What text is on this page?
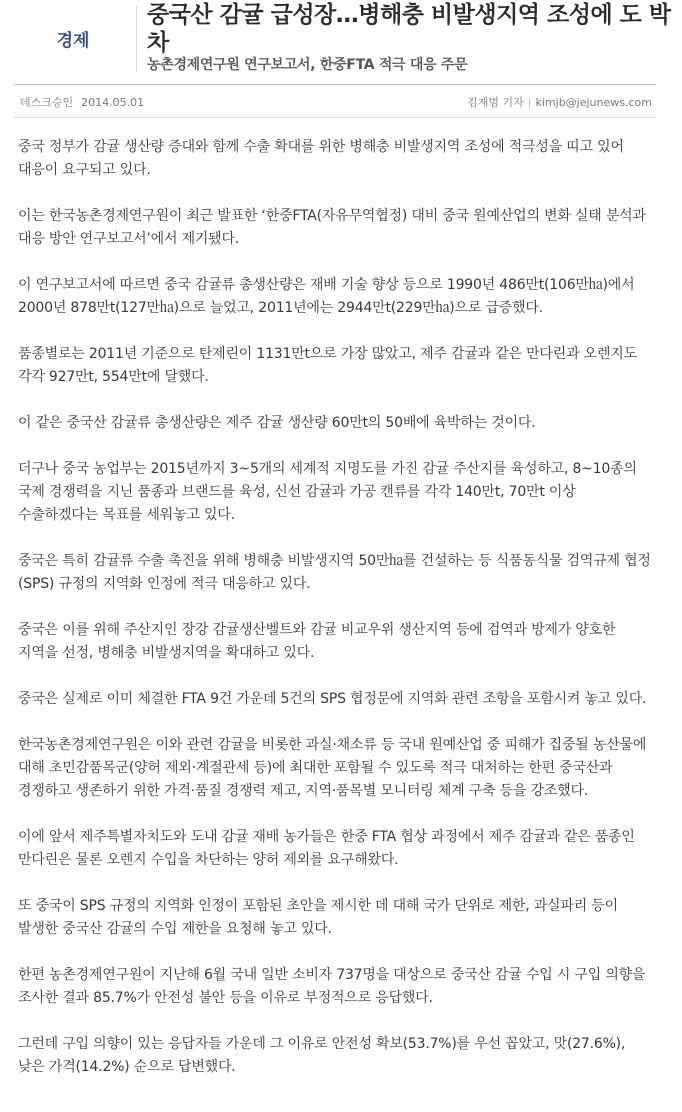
경제
중국산 감귤 급성장…병해충 비발생지역 조성에 도 박차
농촌경제연구원 연구보고서, 한중FTA 적극 대응 주문
데스크승인 2014.05.01	김재범 기자 | kimjb@jejunews.com

중국 정부가 감귤 생산량 증대와 함께 수출 확대를 위한 병해충 비발생지역 조성에 적극성을 띠고 있어 대응이 요구되고 있다.

이는 한국농촌경제연구원이 최근 발표한 ‘한중FTA(자유무역협정) 대비 중국 원예산업의 변화 실태 분석과 대응 방안 연구보고서’에서 제기됐다.

이 연구보고서에 따르면 중국 감귤류 총생산량은 재배 기술 향상 등으로 1990년 486만t(106만㏊)에서 2000년 878만t(127만㏊)으로 늘었고, 2011년에는 2944만t(229만㏊)으로 급증했다.

품종별로는 2011년 기준으로 탄제린이 1131만t으로 가장 많았고, 제주 감귤과 같은 만다린과 오렌지도 각각 927만t, 554만t에 달했다.

이 같은 중국산 감귤류 총생산량은 제주 감귤 생산량 60만t의 50배에 육박하는 것이다.

더구나 중국 농업부는 2015년까지 3~5개의 세계적 지명도를 가진 감귤 주산지를 육성하고, 8~10종의 국제 경쟁력을 지닌 품종과 브랜드를 육성, 신선 감귤과 가공 캔류를 각각 140만t, 70만t 이상 수출하겠다는 목표를 세워놓고 있다.

중국은 특히 감귤류 수출 촉진을 위해 병해충 비발생지역 50만㏊를 건설하는 등 식품동식물 검역규제 협정(SPS) 규정의 지역화 인정에 적극 대응하고 있다.

중국은 이를 위해 주산지인 장강 감귤생산벨트와 감귤 비교우위 생산지역 등에 검역과 방제가 양호한 지역을 선정, 병해충 비발생지역을 확대하고 있다.

중국은 실제로 이미 체결한 FTA 9건 가운데 5건의 SPS 협정문에 지역화 관련 조항을 포함시켜 놓고 있다.

한국농촌경제연구원은 이와 관련 감귤을 비롯한 과실·채소류 등 국내 원예산업 중 피해가 집중될 농산물에 대해 초민감품목군(양허 제외·계절관세 등)에 최대한 포함될 수 있도록 적극 대처하는 한편 중국산과 경쟁하고 생존하기 위한 가격·품질 경쟁력 제고, 지역·품목별 모니터링 체계 구축 등을 강조했다.

이에 앞서 제주특별자치도와 도내 감귤 재배 농가들은 한중 FTA 협상 과정에서 제주 감귤과 같은 품종인 만다린은 물론 오렌지 수입을 차단하는 양허 제외를 요구해왔다.

또 중국이 SPS 규정의 지역화 인정이 포함된 초안을 제시한 데 대해 국가 단위로 제한, 과실파리 등이 발생한 중국산 감귤의 수입 제한을 요청해 놓고 있다.

한편 농촌경제연구원이 지난해 6월 국내 일반 소비자 737명을 대상으로 중국산 감귤 수입 시 구입 의향을 조사한 결과 85.7%가 안전성 불안 등을 이유로 부정적으로 응답했다.

그런데 구입 의향이 있는 응답자들 가운데 그 이유로 안전성 확보(53.7%)를 우선 꼽았고, 맛(27.6%), 낮은 가격(14.2%) 순으로 답변했다.
